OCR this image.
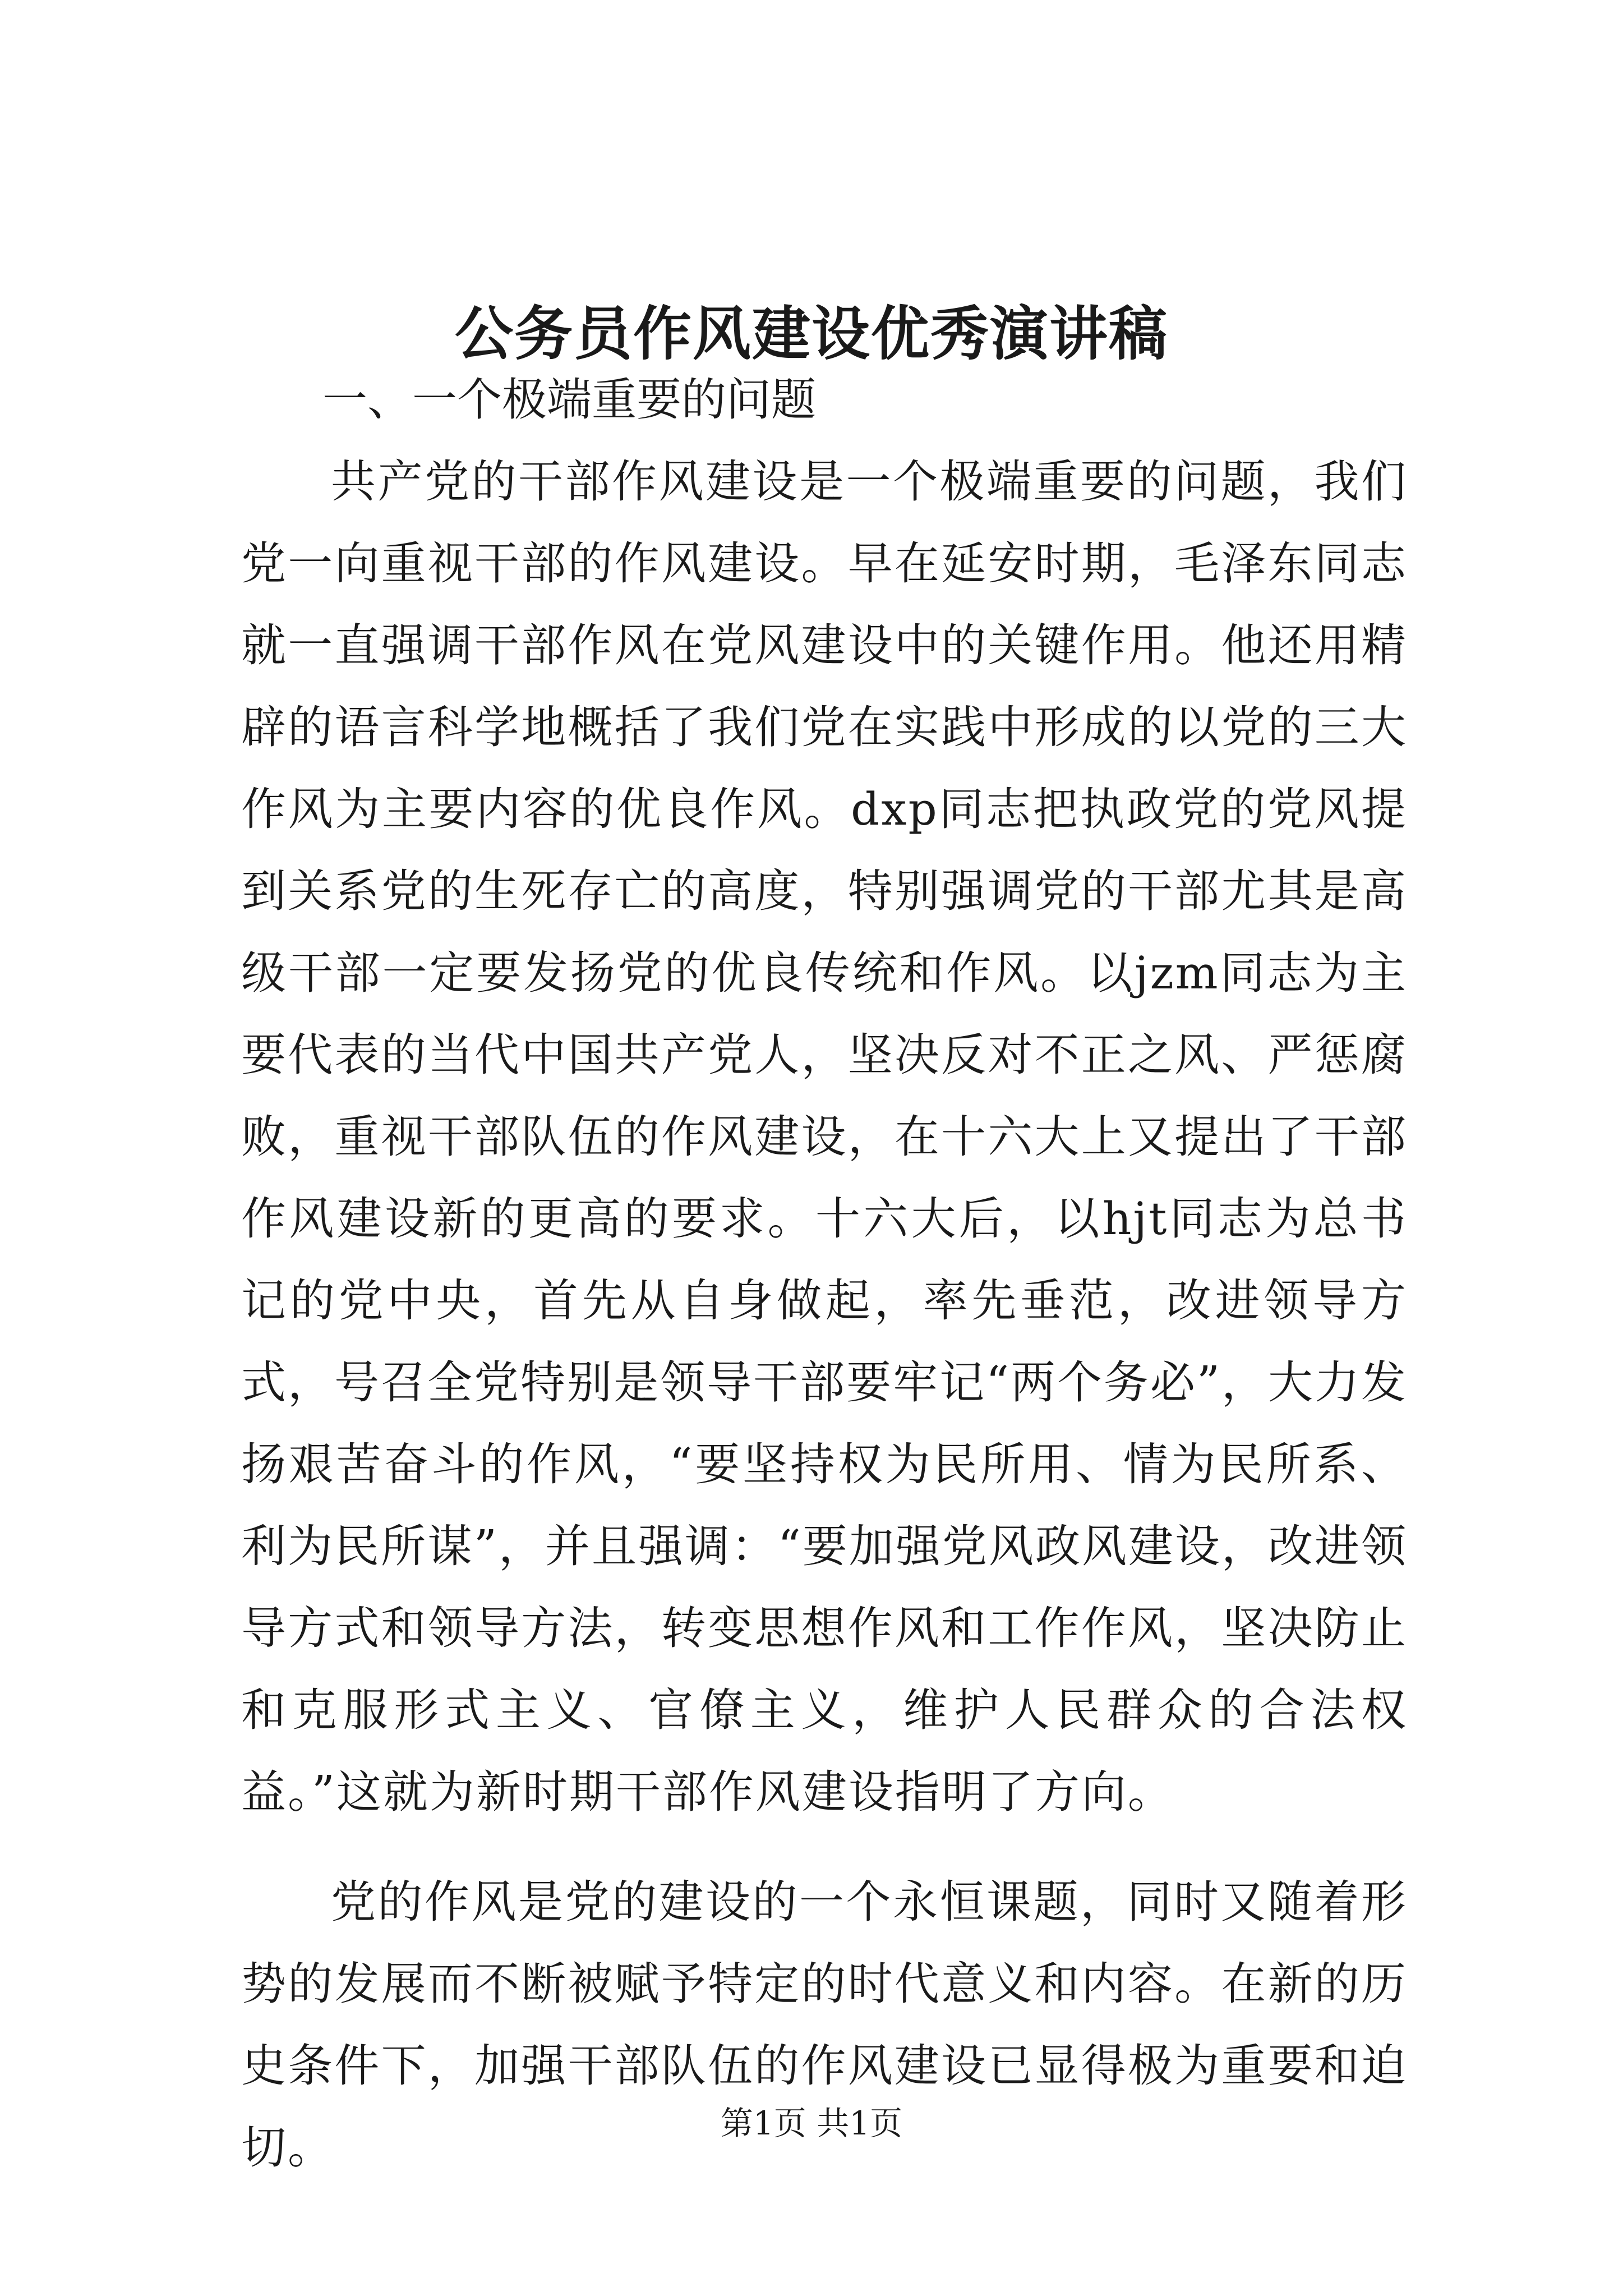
公务员作风建设优秀演讲稿

一、一个极端重要的问题

共产党的干部作风建设是一个极端重要的问题，我们党一向重视干部的作风建设。早在延安时期，毛泽东同志就一直强调干部作风在党风建设中的关键作用。他还用精辟的语言科学地概括了我们党在实践中形成的以党的三大作风为主要内容的优良作风。dxp同志把执政党的党风提到关系党的生死存亡的高度，特别强调党的干部尤其是高级干部一定要发扬党的优良传统和作风。以jzm同志为主要代表的当代中国共产党人，坚决反对不正之风、严惩腐败，重视干部队伍的作风建设，在十六大上又提出了干部作风建设新的更高的要求。十六大后，以hjt同志为总书记的党中央，首先从自身做起，率先垂范，改进领导方式，号召全党特别是领导干部要牢记“两个务必”，大力发扬艰苦奋斗的作风，“要坚持权为民所用、情为民所系、利为民所谋”，并且强调：“要加强党风政风建设，改进领导方式和领导方法，转变思想作风和工作作风，坚决防止和克服形式主义、官僚主义，维护人民群众的合法权益。”这就为新时期干部作风建设指明了方向。

党的作风是党的建设的一个永恒课题，同时又随着形势的发展而不断被赋予特定的时代意义和内容。在新的历史条件下，加强干部队伍的作风建设已显得极为重要和迫切。	第1页 共1页
